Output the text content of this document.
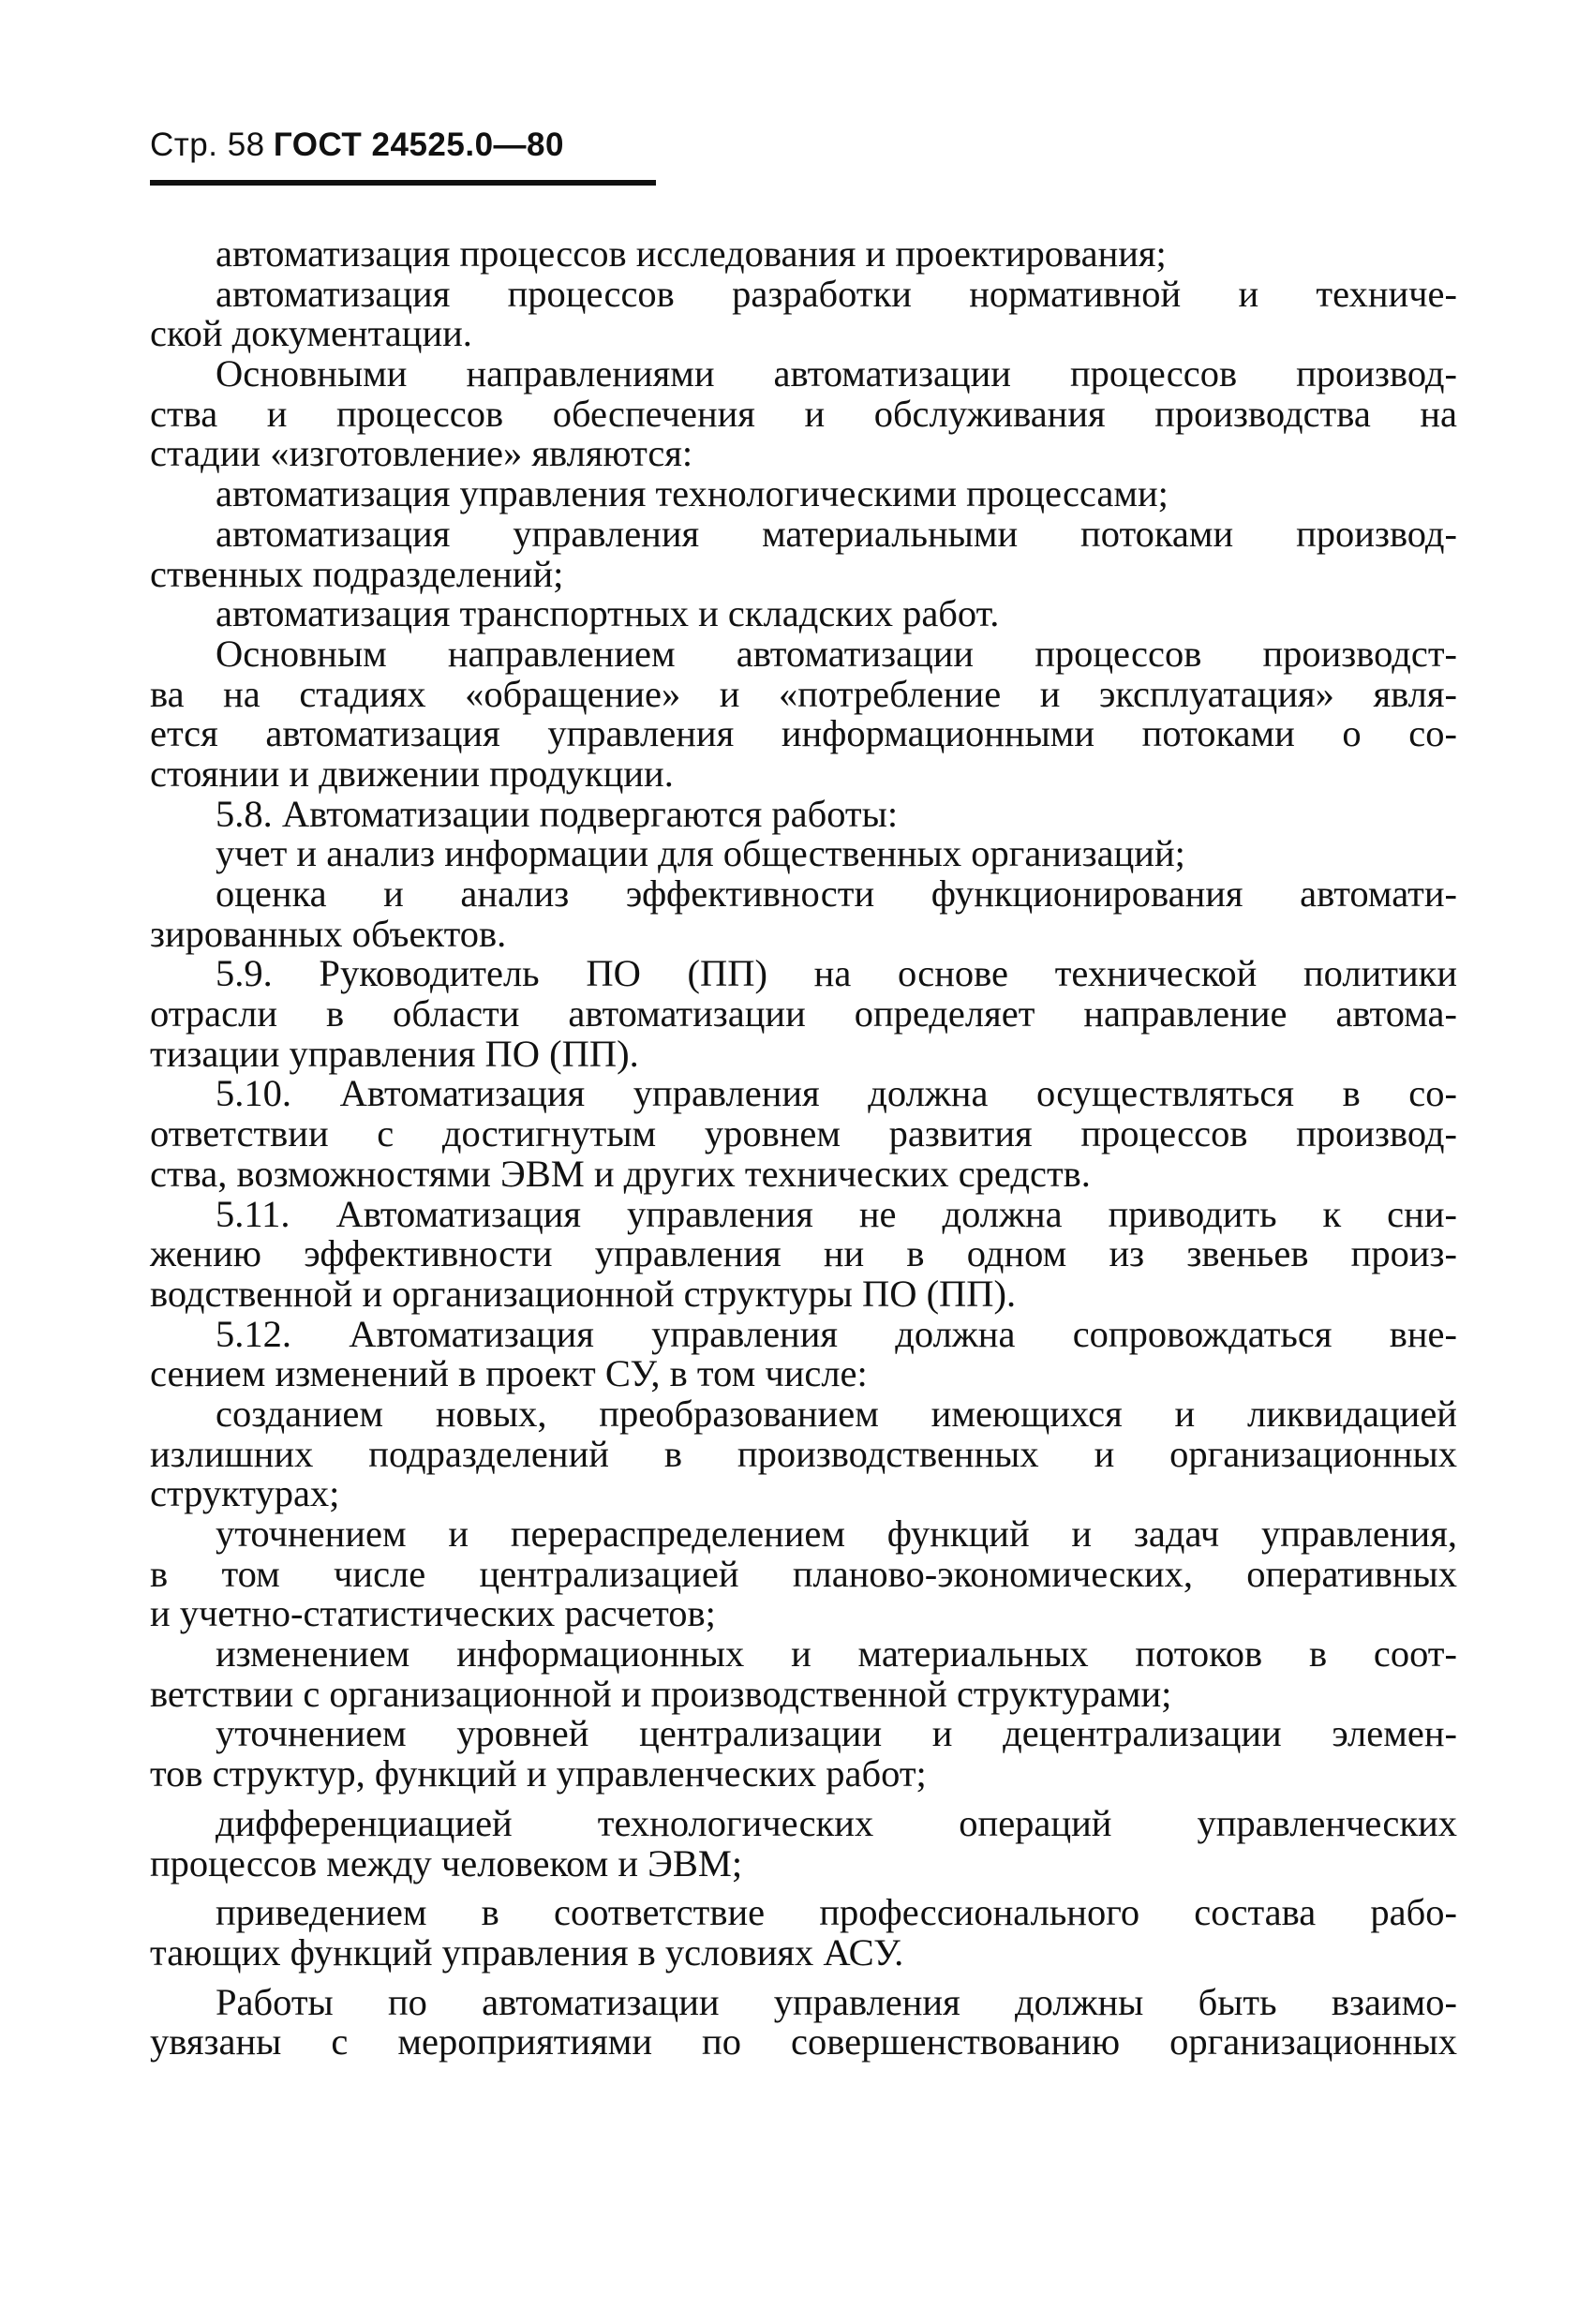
Стр. 58 ГОСТ 24525.0—80
автоматизация процессов исследования и проектирования;
автоматизация процессов разработки нормативной и техниче-
ской документации.
Основными направлениями автоматизации процессов производ-
ства и процессов обеспечения и обслуживания производства на
стадии «изготовление» являются:
автоматизация управления технологическими процессами;
автоматизация управления материальными потоками производ-
ственных подразделений;
автоматизация транспортных и складских работ.
Основным направлением автоматизации процессов производст-
ва на стадиях «обращение» и «потребление и эксплуатация» явля-
ется автоматизация управления информационными потоками о со-
стоянии и движении продукции.
5.8. Автоматизации подвергаются работы:
учет и анализ информации для общественных организаций;
оценка и анализ эффективности функционирования автомати-
зированных объектов.
5.9. Руководитель ПО (ПП) на основе технической политики
отрасли в области автоматизации определяет направление автома-
тизации управления ПО (ПП).
5.10. Автоматизация управления должна осуществляться в со-
ответствии с достигнутым уровнем развития процессов производ-
ства, возможностями ЭВМ и других технических средств.
5.11. Автоматизация управления не должна приводить к сни-
жению эффективности управления ни в одном из звеньев произ-
водственной и организационной структуры ПО (ПП).
5.12. Автоматизация управления должна сопровождаться вне-
сением изменений в проект СУ, в том числе:
созданием новых, преобразованием имеющихся и ликвидацией
излишних подразделений в производственных и организационных
структурах;
уточнением и перераспределением функций и задач управления,
в том числе централизацией планово-экономических, оперативных
и учетно-статистических расчетов;
изменением информационных и материальных потоков в соот-
ветствии с организационной и производственной структурами;
уточнением уровней централизации и децентрализации элемен-
тов структур, функций и управленческих работ;
дифференциацией технологических операций управленческих
процессов между человеком и ЭВМ;
приведением в соответствие профессионального состава рабо-
тающих функций управления в условиях АСУ.
Работы по автоматизации управления должны быть взаимо-
увязаны с мероприятиями по совершенствованию организационных
